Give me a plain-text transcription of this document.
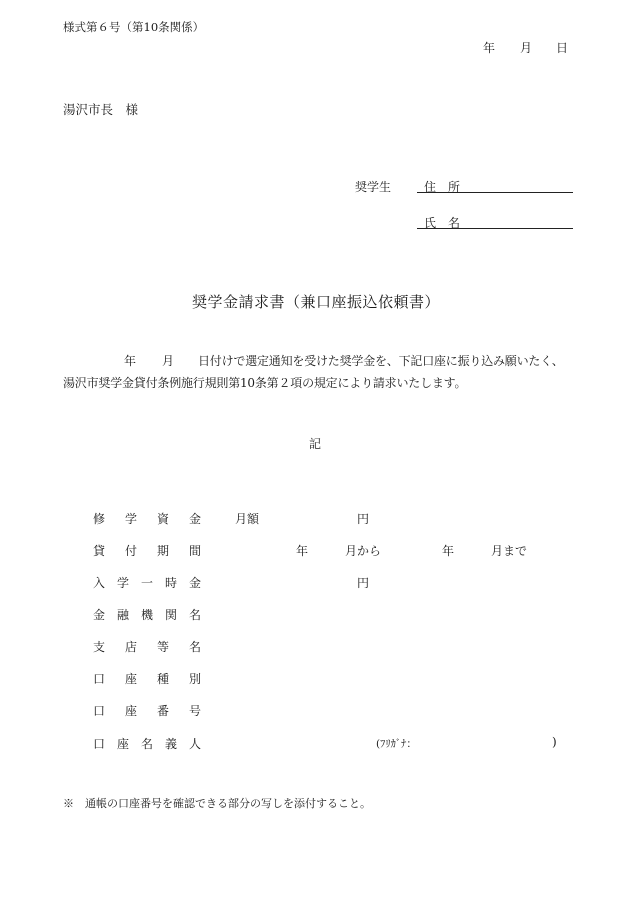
様式第６号（第10条関係）
年 月 日
湯沢市長　様
奨学生	住　所
氏　名
奨学金請求書（兼口座振込依頼書）
年 月 日付けで選定通知を受けた奨学金を、下記口座に振り込み願いたく、
湯沢市奨学金貸付条例施行規則第10条第２項の規定により請求いたします。
記
修 学 資 金	月額	円
貸 付 期 間	年	月から	年	月まで
入 学 一 時 金	円
金 融 機 関 名
支 店 等 名
口 座 種 別
口 座 番 号
口 座 名 義 人	(ﾌﾘｶﾞﾅ：	)
※　通帳の口座番号を確認できる部分の写しを添付すること。
